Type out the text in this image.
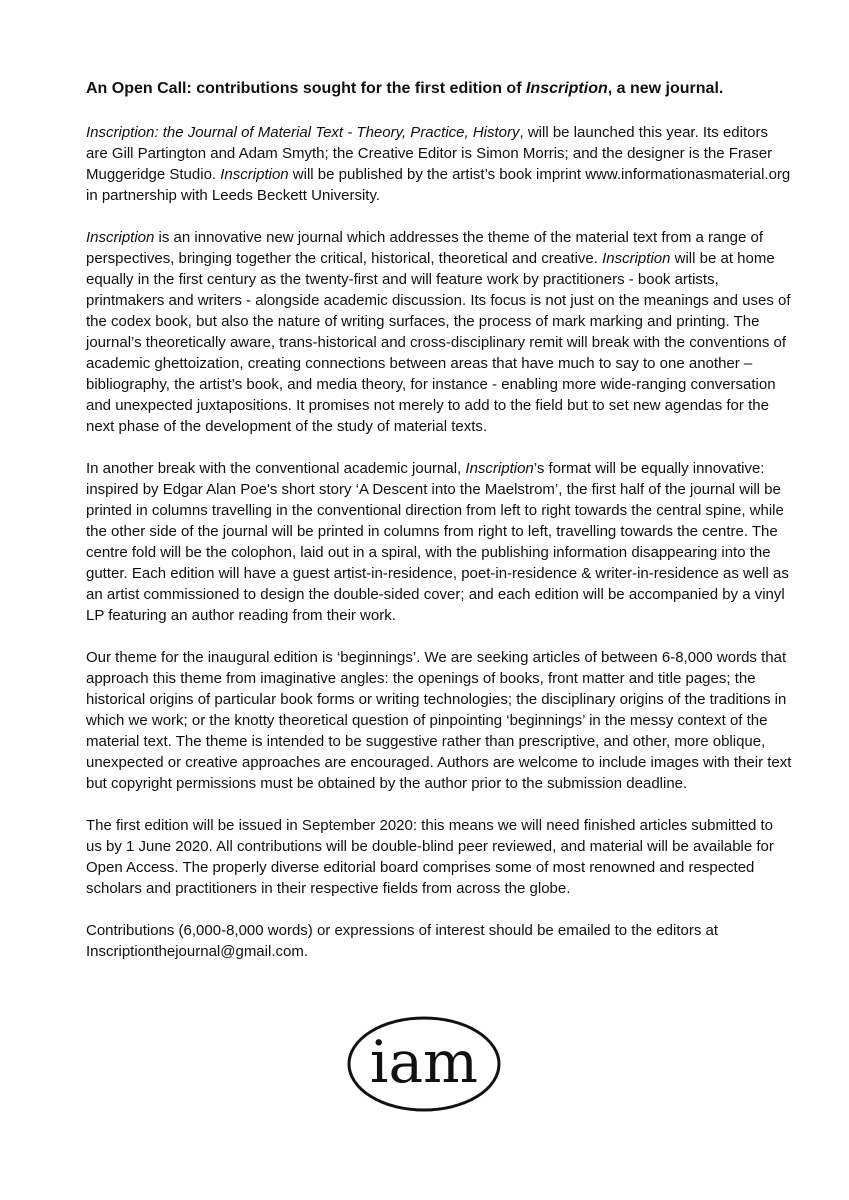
An Open Call: contributions sought for the first edition of Inscription, a new journal.

Inscription: the Journal of Material Text - Theory, Practice, History, will be launched this year. Its editors are Gill Partington and Adam Smyth; the Creative Editor is Simon Morris; and the designer is the Fraser Muggeridge Studio. Inscription will be published by the artist’s book imprint www.informationasmaterial.org in partnership with Leeds Beckett University.

Inscription is an innovative new journal which addresses the theme of the material text from a range of perspectives, bringing together the critical, historical, theoretical and creative. Inscription will be at home equally in the first century as the twenty-first and will feature work by practitioners - book artists, printmakers and writers - alongside academic discussion. Its focus is not just on the meanings and uses of the codex book, but also the nature of writing surfaces, the process of mark marking and printing. The journal’s theoretically aware, trans-historical and cross-disciplinary remit will break with the conventions of academic ghettoization, creating connections between areas that have much to say to one another – bibliography, the artist’s book, and media theory, for instance - enabling more wide-ranging conversation and unexpected juxtapositions. It promises not merely to add to the field but to set new agendas for the next phase of the development of the study of material texts.

In another break with the conventional academic journal, Inscription’s format will be equally innovative: inspired by Edgar Alan Poe's short story ‘A Descent into the Maelstrom’, the first half of the journal will be printed in columns travelling in the conventional direction from left to right towards the central spine, while the other side of the journal will be printed in columns from right to left, travelling towards the centre. The centre fold will be the colophon, laid out in a spiral, with the publishing information disappearing into the gutter. Each edition will have a guest artist-in-residence, poet-in-residence & writer-in-residence as well as an artist commissioned to design the double-sided cover; and each edition will be accompanied by a vinyl LP featuring an author reading from their work.

Our theme for the inaugural edition is ‘beginnings’. We are seeking articles of between 6-8,000 words that approach this theme from imaginative angles: the openings of books, front matter and title pages; the historical origins of particular book forms or writing technologies; the disciplinary origins of the traditions in which we work; or the knotty theoretical question of pinpointing ‘beginnings’ in the messy context of the material text. The theme is intended to be suggestive rather than prescriptive, and other, more oblique, unexpected or creative approaches are encouraged. Authors are welcome to include images with their text but copyright permissions must be obtained by the author prior to the submission deadline.

The first edition will be issued in September 2020: this means we will need finished articles submitted to us by 1 June 2020. All contributions will be double-blind peer reviewed, and material will be available for Open Access. The properly diverse editorial board comprises some of most renowned and respected scholars and practitioners in their respective fields from across the globe.

Contributions (6,000-8,000 words) or expressions of interest should be emailed to the editors at Inscriptionthejournal@gmail.com.

iam
